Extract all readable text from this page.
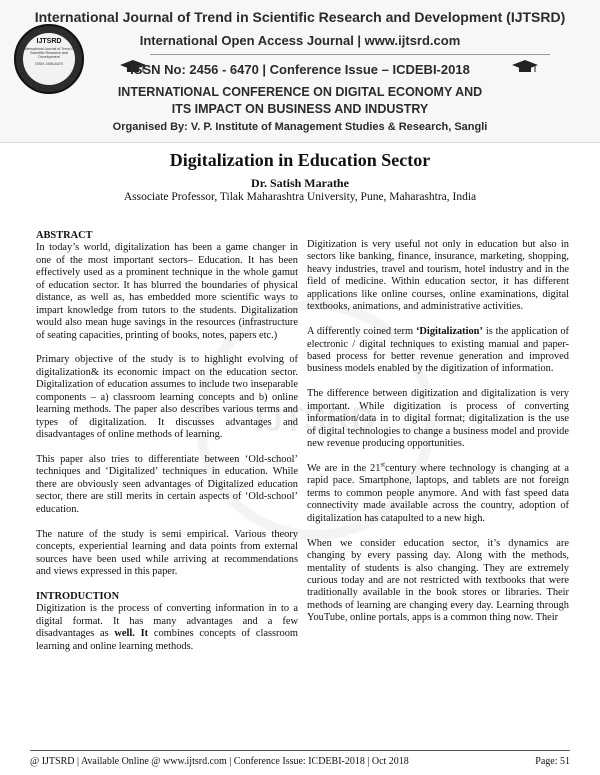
IJTSRD
International Journal of Trend in Scientific Research and Development
ISSN: 2456-6470
International Journal of Trend in Scientific Research and Development (IJTSRD)
International Open Access Journal | www.ijtsrd.com
ISSN No: 2456 - 6470 | Conference Issue – ICDEBI-2018
INTERNATIONAL CONFERENCE ON DIGITAL ECONOMY AND
ITS IMPACT ON BUSINESS AND INDUSTRY
Organised By: V. P. Institute of Management Studies & Research, Sangli
Digitalization in Education Sector
Dr. Satish Marathe
Associate Professor, Tilak Maharashtra University, Pune, Maharashtra, India
IJTSRD
ABSTRACT

In today’s world, digitalization has been a game changer in one of the most important sectors– Education. It has been effectively used as a prominent technique in the whole gamut of education sector. It has blurred the boundaries of physical distance, as well as, has embedded more scientific ways to impart knowledge from tutors to the students. Digitalization would also mean huge savings in the resources (infrastructure of seating capacities, printing of books, notes, papers etc.)

Primary objective of the study is to highlight evolving of digitalization& its economic impact on the education sector. Digitalization of education assumes to include two inseparable components – a) classroom learning concepts and b) online learning methods. The paper also describes various terms and types of digitalization. It discusses advantages and disadvantages of online methods of learning.

This paper also tries to differentiate between ‘Old-school’ techniques and ‘Digitalized’ techniques in education. While there are obviously seen advantages of Digitalized education sector, there are still merits in certain aspects of ‘Old-school’ education.

The nature of the study is semi empirical. Various theory concepts, experiential learning and data points from external sources have been used while arriving at recommendations and views expressed in this paper.

INTRODUCTION

Digitization is the process of converting information in to a digital format. It has many advantages and a few disadvantages as well. It combines concepts of classroom learning and online learning methods.

Digitization is very useful not only in education but also in sectors like banking, finance, insurance, marketing, shopping, heavy industries, travel and tourism, hotel industry and in the field of medicine. Within education sector, it has different applications like online courses, online examinations, digital textbooks, animations, and administrative activities.

A differently coined term ‘Digitalization’ is the application of electronic / digital techniques to existing manual and paper-based process for better revenue generation and improved business models enabled by the digitization of information.

The difference between digitization and digitalization is very important. While digitization is process of converting information/data in to digital format; digitalization is the use of digital technologies to change a business model and provide new revenue producing opportunities.

We are in the 21stcentury where technology is changing at a rapid pace. Smartphone, laptops, and tablets are not foreign terms to common people anymore. And with fast speed data connectivity made available across the country, adoption of digitalization has catapulted to a new high.

When we consider education sector, it’s dynamics are changing by every passing day. Along with the methods, mentality of students is also changing. They are extremely curious today and are not restricted with textbooks that were traditionally available in the book stores or libraries. Their methods of learning are changing every day. Learning through YouTube, online portals, apps is a common thing now. Their

@ IJTSRD | Available Online @ www.ijtsrd.com | Conference Issue: ICDEBI-2018 | Oct 2018	Page: 51
